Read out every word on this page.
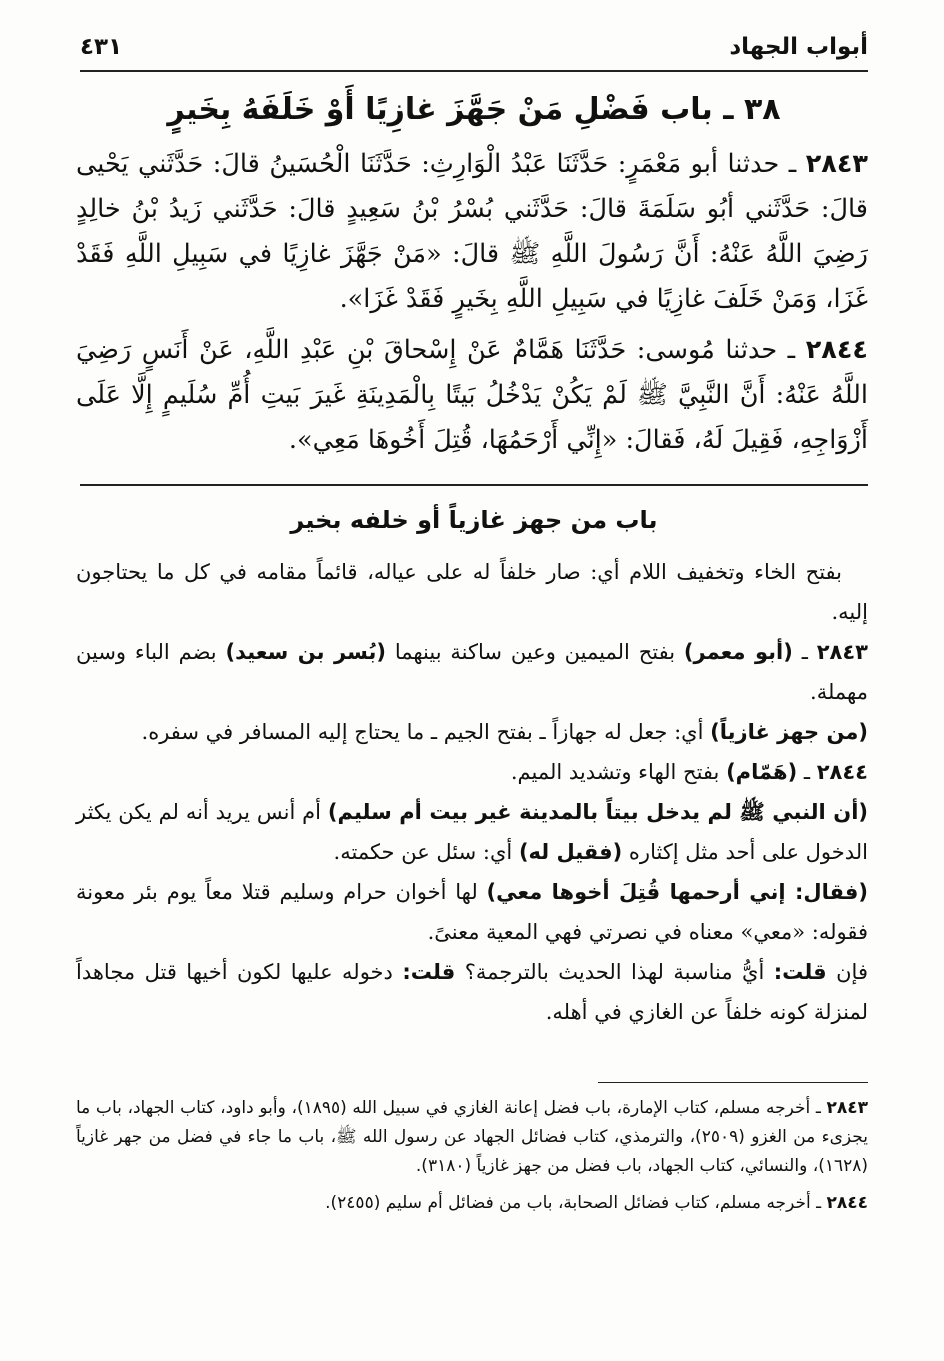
أبواب الجهاد
٤٣١
٣٨ ـ باب فَضْلِ مَنْ جَهَّزَ غازِيًا أَوْ خَلَفَهُ بِخَيرٍ

٢٨٤٣ ـ حدثنا أبو مَعْمَرٍ: حَدَّثَنَا عَبْدُ الْوَارِثِ: حَدَّثَنَا الْحُسَينُ قالَ: حَدَّثَني يَحْيى قالَ: حَدَّثَني أبُو سَلَمَةَ قالَ: حَدَّثَني بُسْرُ بْنُ سَعِيدٍ قالَ: حَدَّثَني زَيدُ بْنُ خالِدٍ رَضِيَ اللَّهُ عَنْهُ: أَنَّ رَسُولَ اللَّهِ ﷺ قالَ: «مَنْ جَهَّزَ غازِيًا في سَبِيلِ اللَّهِ فَقَدْ غَزَا، وَمَنْ خَلَفَ غازِيًا في سَبِيلِ اللَّهِ بِخَيرٍ فَقَدْ غَزَا».

٢٨٤٤ ـ حدثنا مُوسى: حَدَّثَنَا هَمَّامٌ عَنْ إِسْحاقَ بْنِ عَبْدِ اللَّهِ، عَنْ أَنَسٍ رَضِيَ اللَّهُ عَنْهُ: أَنَّ النَّبِيَّ ﷺ لَمْ يَكُنْ يَدْخُلُ بَيتًا بِالْمَدِينَةِ غَيرَ بَيتِ أُمِّ سُلَيمٍ إِلَّا عَلَى أَزْوَاجِهِ، فَقِيلَ لَهُ، فَقالَ: «إِنِّي أَرْحَمُهَا، قُتِلَ أَخُوهَا مَعِي».

باب من جهز غازياً أو خلفه بخير

بفتح الخاء وتخفيف اللام أي: صار خلفاً له على عياله، قائماً مقامه في كل ما يحتاجون إليه.

٢٨٤٣ ـ (أبو معمر) بفتح الميمين وعين ساكنة بينهما (بُسر بن سعيد) بضم الباء وسين مهملة.

(من جهز غازياً) أي: جعل له جهازاً ـ بفتح الجيم ـ ما يحتاج إليه المسافر في سفره.

٢٨٤٤ ـ (هَمّام) بفتح الهاء وتشديد الميم.

(أن النبي ﷺ لم يدخل بيتاً بالمدينة غير بيت أم سليم) أم أنس يريد أنه لم يكن يكثر الدخول على أحد مثل إكثاره (فقيل له) أي: سئل عن حكمته.

(فقال: إني أرحمها قُتِلَ أخوها معي) لها أخوان حرام وسليم قتلا معاً يوم بئر معونة فقوله: «معي» معناه في نصرتي فهي المعية معنىً.

فإن قلت: أيُّ مناسبة لهذا الحديث بالترجمة؟ قلت: دخوله عليها لكون أخيها قتل مجاهداً لمنزلة كونه خلفاً عن الغازي في أهله.

٢٨٤٣ ـ أخرجه مسلم، كتاب الإمارة، باب فضل إعانة الغازي في سبيل الله (١٨٩٥)، وأبو داود، كتاب الجهاد، باب ما يجزىء من الغزو (٢٥٠٩)، والترمذي، كتاب فضائل الجهاد عن رسول الله ﷺ، باب ما جاء في فضل من جهر غازياً (١٦٢٨)، والنسائي، كتاب الجهاد، باب فضل من جهز غازياً (٣١٨٠).

٢٨٤٤ ـ أخرجه مسلم، كتاب فضائل الصحابة، باب من فضائل أم سليم (٢٤٥٥).
